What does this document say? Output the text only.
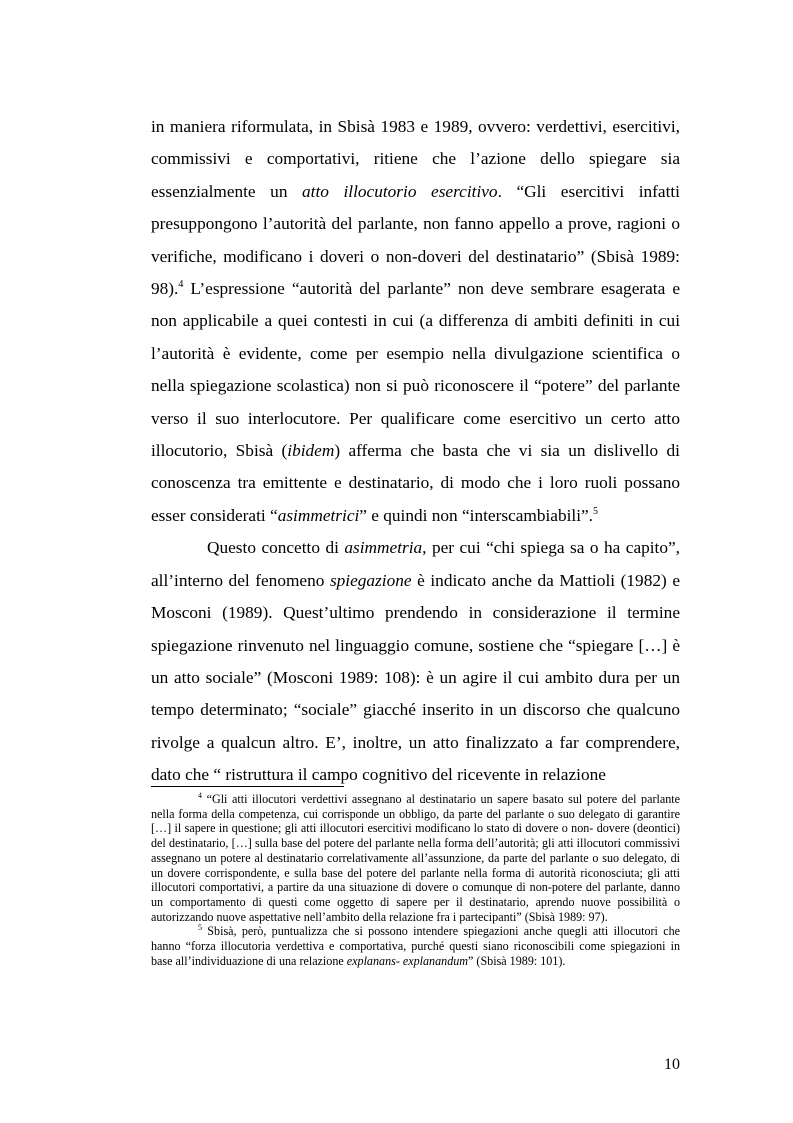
in maniera riformulata, in Sbisà 1983 e 1989, ovvero: verdettivi, esercitivi, commissivi e comportativi, ritiene che l’azione dello spiegare sia essenzialmente un atto illocutorio esercitivo. “Gli esercitivi infatti presuppongono l’autorità del parlante, non fanno appello a prove, ragioni o verifiche, modificano i doveri o non-doveri del destinatario” (Sbisà 1989: 98).$^4$ L’espressione “autorità del parlante” non deve sembrare esagerata e non applicabile a quei contesti in cui (a differenza di ambiti definiti in cui l’autorità è evidente, come per esempio nella divulgazione scientifica o nella spiegazione scolastica) non si può riconoscere il “potere” del parlante verso il suo interlocutore. Per qualificare come esercitivo un certo atto illocutorio, Sbisà (ibidem) afferma che basta che vi sia un dislivello di conoscenza tra emittente e destinatario, di modo che i loro ruoli possano esser considerati “asimmetrici” e quindi non “interscambiabili”.$^5$

Questo concetto di asimmetria, per cui “chi spiega sa o ha capito”, all’interno del fenomeno spiegazione è indicato anche da Mattioli (1982) e Mosconi (1989). Quest’ultimo prendendo in considerazione il termine spiegazione rinvenuto nel linguaggio comune, sostiene che “spiegare […] è un atto sociale” (Mosconi 1989: 108): è un agire il cui ambito dura per un tempo determinato; “sociale” giacché inserito in un discorso che qualcuno rivolge a qualcun altro. E’, inoltre, un atto finalizzato a far comprendere, dato che “ ristruttura il campo cognitivo del ricevente in relazione

$^4$ “Gli atti illocutori verdettivi assegnano al destinatario un sapere basato sul potere del parlante nella forma della competenza, cui corrisponde un obbligo, da parte del parlante o suo delegato di garantire […] il sapere in questione; gli atti illocutori esercitivi modificano lo stato di dovere o non- dovere (deontici) del destinatario, […] sulla base del potere del parlante nella forma dell’autorità; gli atti illocutori commissivi assegnano un potere al destinatario correlativamente all’assunzione, da parte del parlante o suo delegato, di un dovere corrispondente, e sulla base del potere del parlante nella forma di autorità riconosciuta; gli atti illocutori comportativi, a partire da una situazione di dovere o comunque di non-potere del parlante, danno un comportamento di questi come oggetto di sapere per il destinatario, aprendo nuove possibilità o autorizzando nuove aspettative nell’ambito della relazione fra i partecipanti” (Sbisà 1989: 97).

$^5$ Sbisà, però, puntualizza che si possono intendere spiegazioni anche quegli atti illocutori che hanno “forza illocutoria verdettiva e comportativa, purché questi siano riconoscibili come spiegazioni in base all’individuazione di una relazione explanans- explanandum” (Sbisà 1989: 101).

10
